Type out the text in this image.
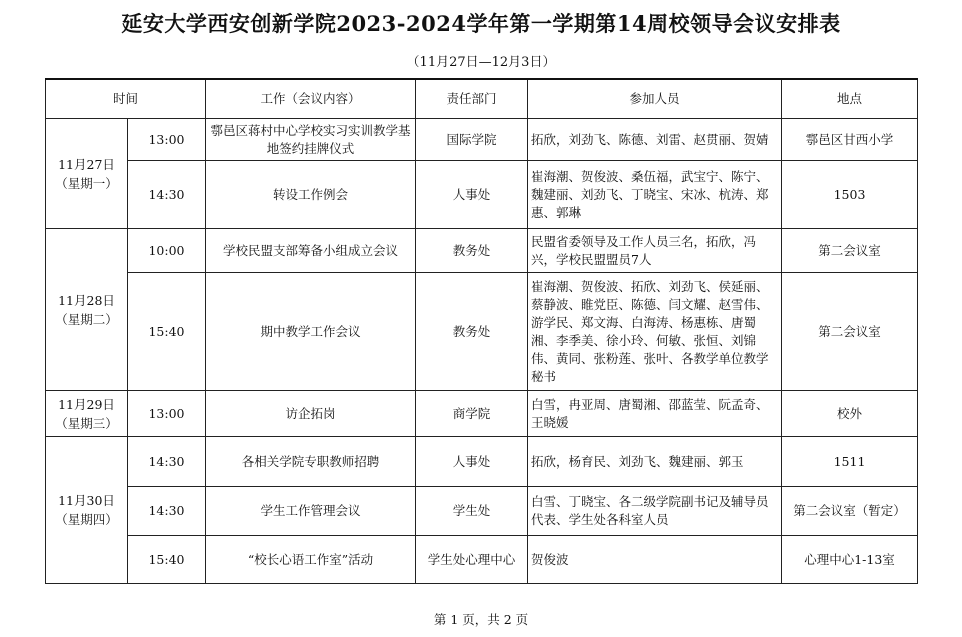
延安大学西安创新学院2023-2024学年第一学期第14周校领导会议安排表
（11月27日—12月3日）
时间		工作（会议内容）	责任部门	参加人员	地点

11月27日
（星期一）	13:00	鄠邑区蒋村中心学校实习实训教学基地签约挂牌仪式	国际学院	拓欣，刘劲飞、陈德、刘雷、赵贯丽、贺婧	鄠邑区甘西小学
	14:30	转设工作例会	人事处	崔海潮、贺俊波、桑伍福，武宝宁、陈宁、魏建丽、刘劲飞、丁晓宝、宋冰、杭涛、郑惠、郭琳	1503

11月28日
（星期二）	10:00	学校民盟支部筹备小组成立会议	教务处	民盟省委领导及工作人员三名，拓欣，冯兴，学校民盟盟员7人	第二会议室
	15:40	期中教学工作会议	教务处	崔海潮、贺俊波、拓欣、刘劲飞、侯延丽、蔡静波、睢党臣、陈德、闫文耀、赵雪伟、游学民、郑文海、白海涛、杨惠栋、唐蜀湘、李季美、徐小玲、何敏、张恒、刘锦伟、黄同、张粉莲、张叶、各教学单位教学秘书	第二会议室

11月29日
（星期三）	13:00	访企拓岗	商学院	白雪，冉亚周、唐蜀湘、邵蓝莹、阮孟奇、王晓媛	校外

11月30日
（星期四）	14:30	各相关学院专职教师招聘	人事处	拓欣，杨育民、刘劲飞、魏建丽、郭玉	1511
	14:30	学生工作管理会议	学生处	白雪、丁晓宝、各二级学院副书记及辅导员代表、学生处各科室人员	第二会议室（暂定）
	15:40	“校长心语工作室”活动	学生处心理中心	贺俊波	心理中心1-13室
第 1 页，共 2 页
